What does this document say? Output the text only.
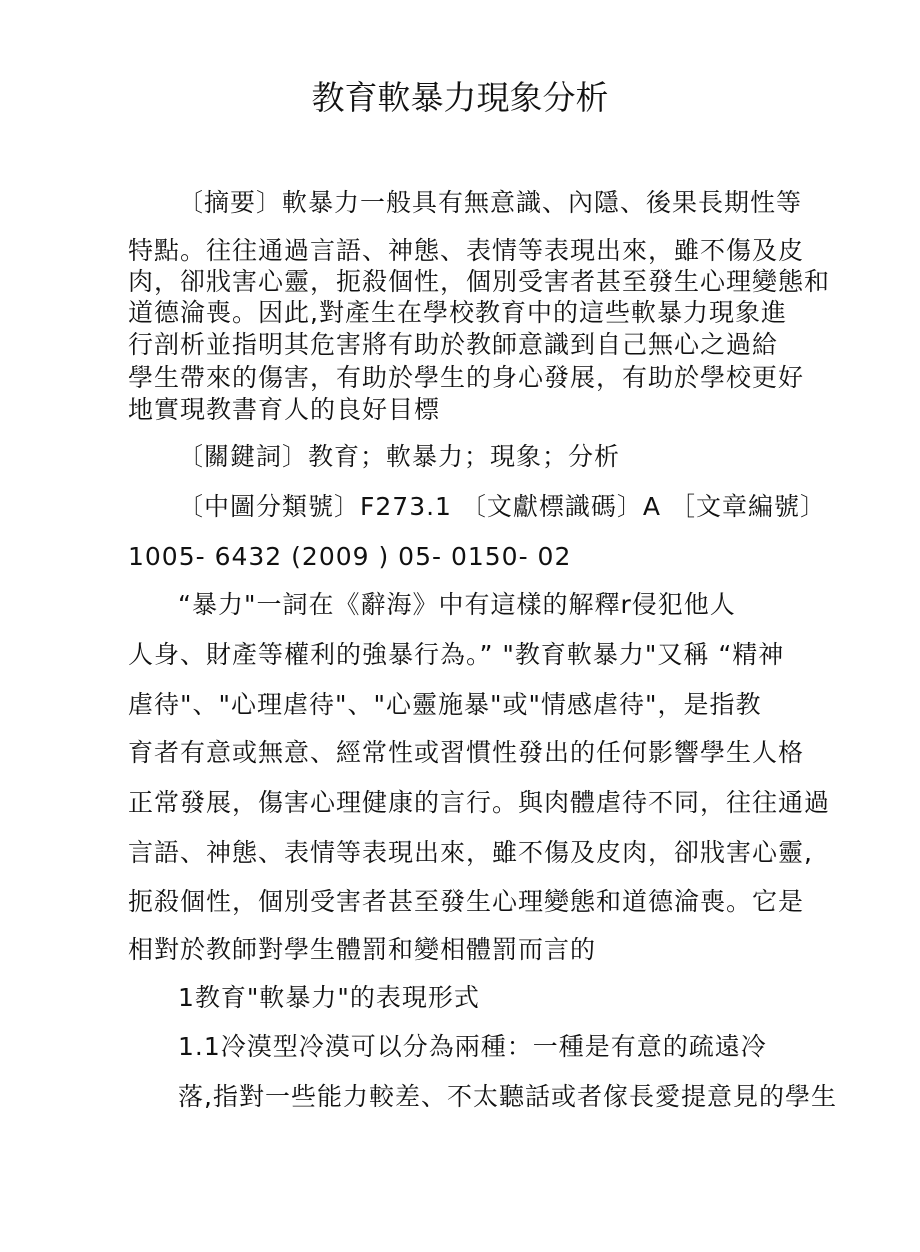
教育軟暴力現象分析
〔摘要〕軟暴力一般具有無意識、內隱、後果長期性等
特點。往往通過言語、神態、表情等表現出來，雖不傷及皮
肉，卻戕害心靈，扼殺個性，個別受害者甚至發生心理變態和
道德淪喪。因此,對產生在學校教育中的這些軟暴力現象進
行剖析並指明其危害將有助於教師意識到自己無心之過給
學生帶來的傷害，有助於學生的身心發展，有助於學校更好
地實現教書育人的良好目標
〔關鍵詞〕教育；軟暴力；現象；分析
〔中圖分類號〕F273.1 〔文獻標識碼〕A ［文章編號〕
1005- 6432 (2009 ) 05- 0150- 02
“暴力"一詞在《辭海》中有這樣的解釋r侵犯他人
人身、財產等權利的強暴行為。” "教育軟暴力"又稱 “精神
虐待"、"心理虐待"、"心靈施暴"或"情感虐待"，是指教
育者有意或無意、經常性或習慣性發出的任何影響學生人格
正常發展，傷害心理健康的言行。與肉體虐待不同，往往通過
言語、神態、表情等表現出來，雖不傷及皮肉，卻戕害心靈,
扼殺個性，個別受害者甚至發生心理變態和道德淪喪。它是
相對於教師對學生體罰和變相體罰而言的
1教育"軟暴力"的表現形式
1.1冷漠型冷漠可以分為兩種：一種是有意的疏遠冷
落,指對一些能力較差、不太聽話或者傢長愛提意見的學生
